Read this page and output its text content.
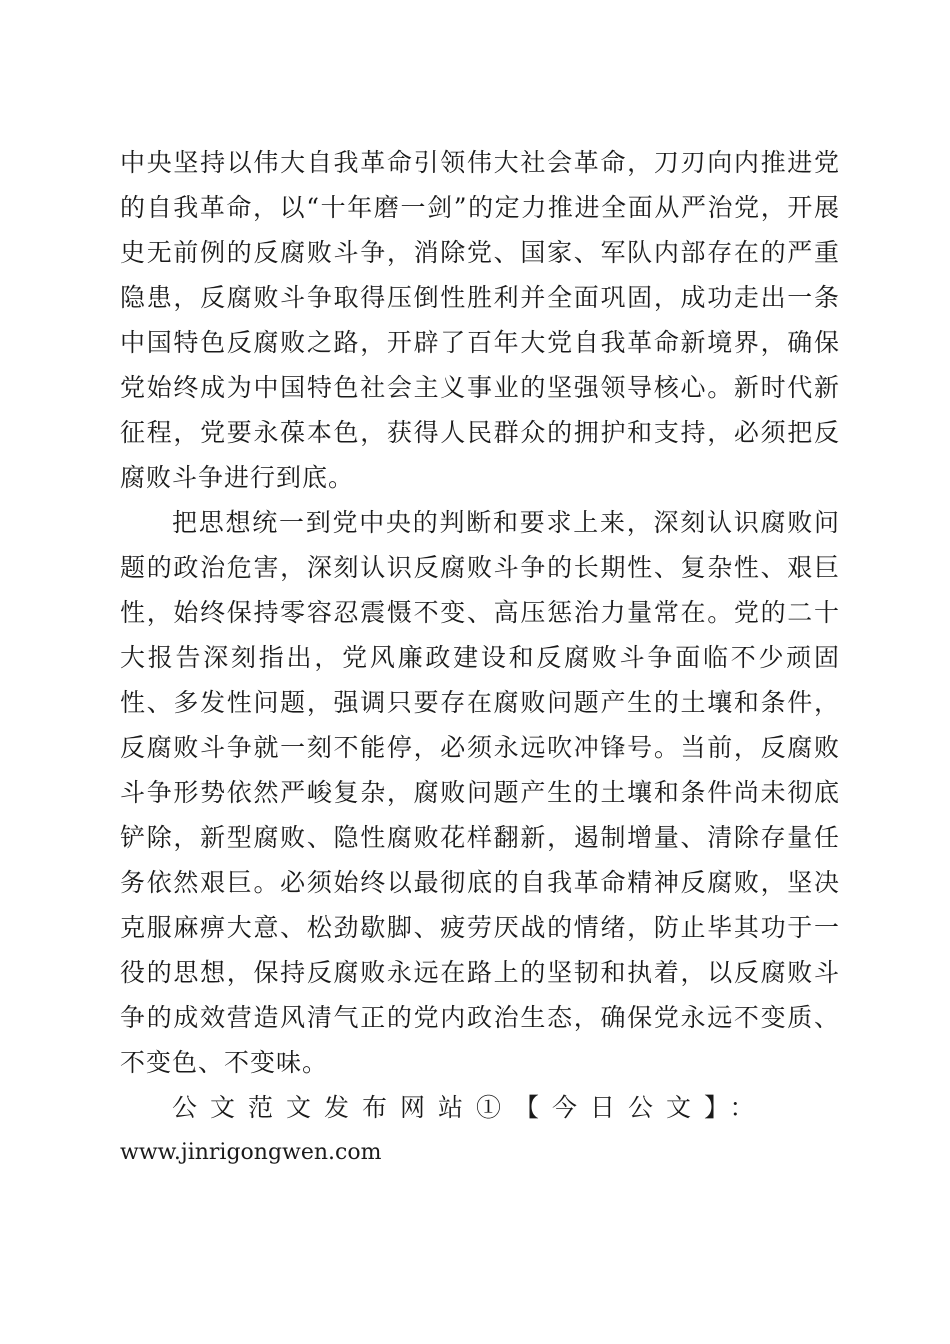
中央坚持以伟大自我革命引领伟大社会革命，刀刃向内推进党的自我革命，以“十年磨一剑”的定力推进全面从严治党，开展史无前例的反腐败斗争，消除党、国家、军队内部存在的严重隐患，反腐败斗争取得压倒性胜利并全面巩固，成功走出一条中国特色反腐败之路，开辟了百年大党自我革命新境界，确保党始终成为中国特色社会主义事业的坚强领导核心。新时代新征程，党要永葆本色，获得人民群众的拥护和支持，必须把反腐败斗争进行到底。

把思想统一到党中央的判断和要求上来，深刻认识腐败问题的政治危害，深刻认识反腐败斗争的长期性、复杂性、艰巨性，始终保持零容忍震慑不变、高压惩治力量常在。党的二十大报告深刻指出，党风廉政建设和反腐败斗争面临不少顽固性、多发性问题，强调只要存在腐败问题产生的土壤和条件，反腐败斗争就一刻不能停，必须永远吹冲锋号。当前，反腐败斗争形势依然严峻复杂，腐败问题产生的土壤和条件尚未彻底铲除，新型腐败、隐性腐败花样翻新，遏制增量、清除存量任务依然艰巨。必须始终以最彻底的自我革命精神反腐败，坚决克服麻痹大意、松劲歇脚、疲劳厌战的情绪，防止毕其功于一役的思想，保持反腐败永远在路上的坚韧和执着，以反腐败斗争的成效营造风清气正的党内政治生态，确保党永远不变质、不变色、不变味。

公文范文发布网站①【今日公文】：

www.jinrigongwen.com
